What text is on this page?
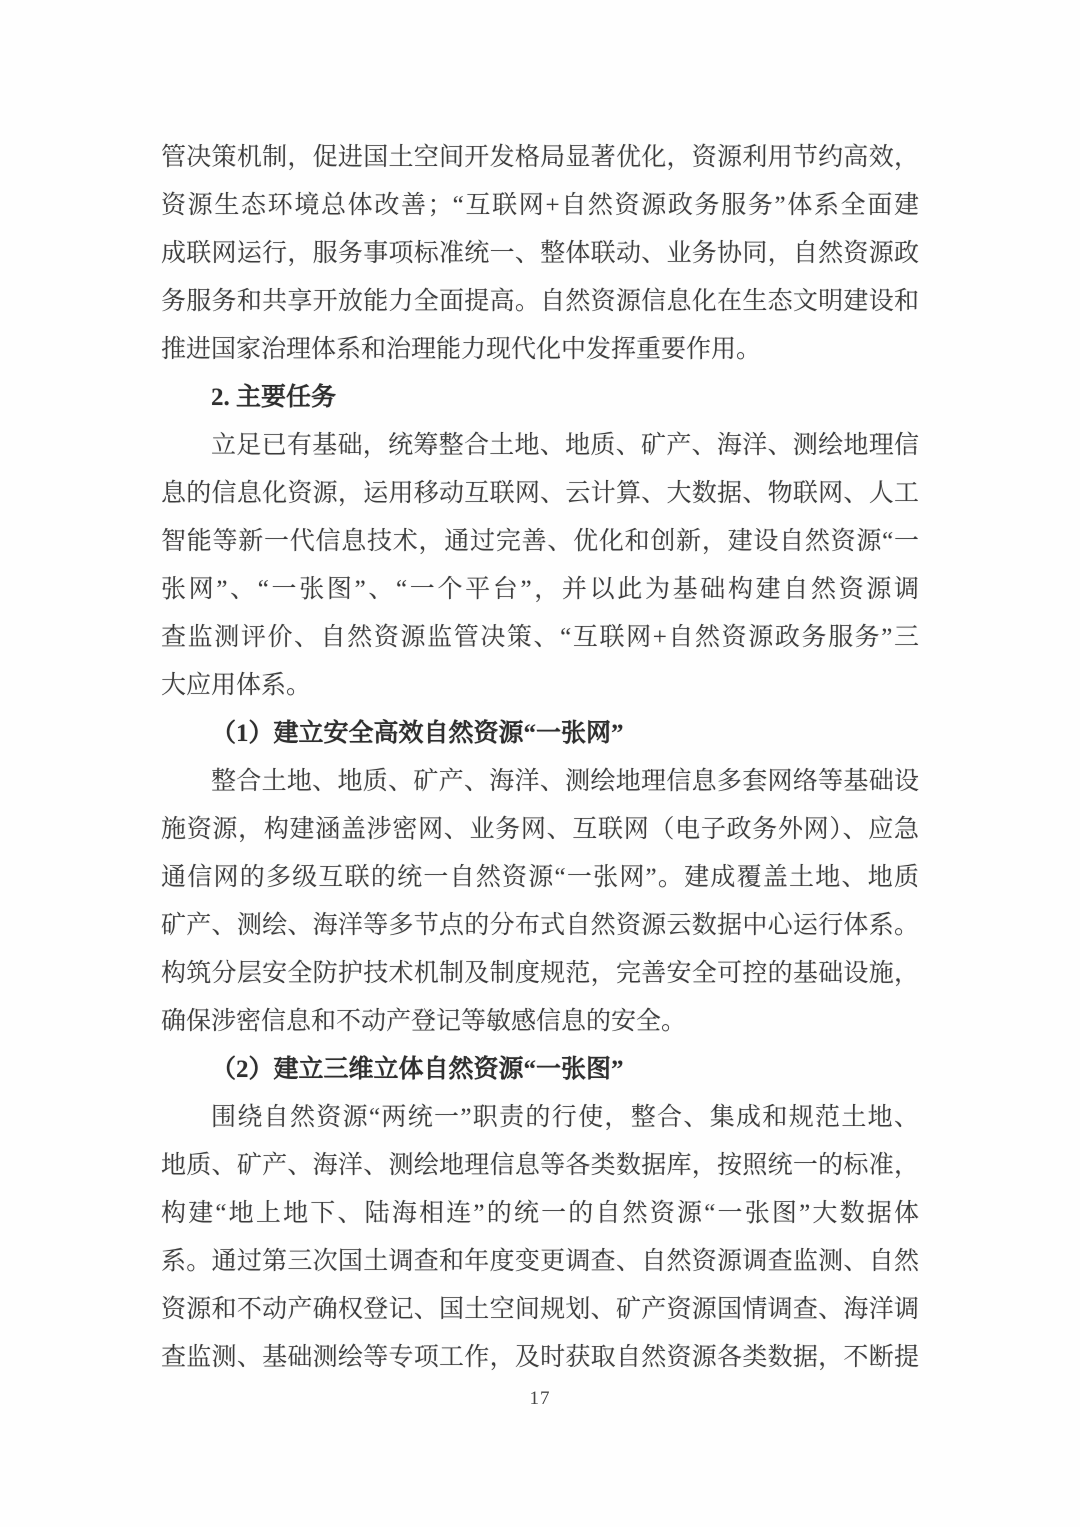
管决策机制，促进国土空间开发格局显著优化，资源利用节约高效，
资源生态环境总体改善；“互联网+自然资源政务服务”体系全面建
成联网运行，服务事项标准统一、整体联动、业务协同，自然资源政
务服务和共享开放能力全面提高。自然资源信息化在生态文明建设和
推进国家治理体系和治理能力现代化中发挥重要作用。
2. 主要任务
立足已有基础，统筹整合土地、地质、矿产、海洋、测绘地理信
息的信息化资源，运用移动互联网、云计算、大数据、物联网、人工
智能等新一代信息技术，通过完善、优化和创新，建设自然资源“一
张网”、“一张图”、“一个平台”，并以此为基础构建自然资源调
查监测评价、自然资源监管决策、“互联网+自然资源政务服务”三
大应用体系。
（1）建立安全高效自然资源“一张网”
整合土地、地质、矿产、海洋、测绘地理信息多套网络等基础设
施资源，构建涵盖涉密网、业务网、互联网（电子政务外网）、应急
通信网的多级互联的统一自然资源“一张网”。建成覆盖土地、地质
矿产、测绘、海洋等多节点的分布式自然资源云数据中心运行体系。
构筑分层安全防护技术机制及制度规范，完善安全可控的基础设施，
确保涉密信息和不动产登记等敏感信息的安全。
（2）建立三维立体自然资源“一张图”
围绕自然资源“两统一”职责的行使，整合、集成和规范土地、
地质、矿产、海洋、测绘地理信息等各类数据库，按照统一的标准，
构建“地上地下、陆海相连”的统一的自然资源“一张图”大数据体
系。通过第三次国土调查和年度变更调查、自然资源调查监测、自然
资源和不动产确权登记、国土空间规划、矿产资源国情调查、海洋调
查监测、基础测绘等专项工作，及时获取自然资源各类数据，不断提
17
